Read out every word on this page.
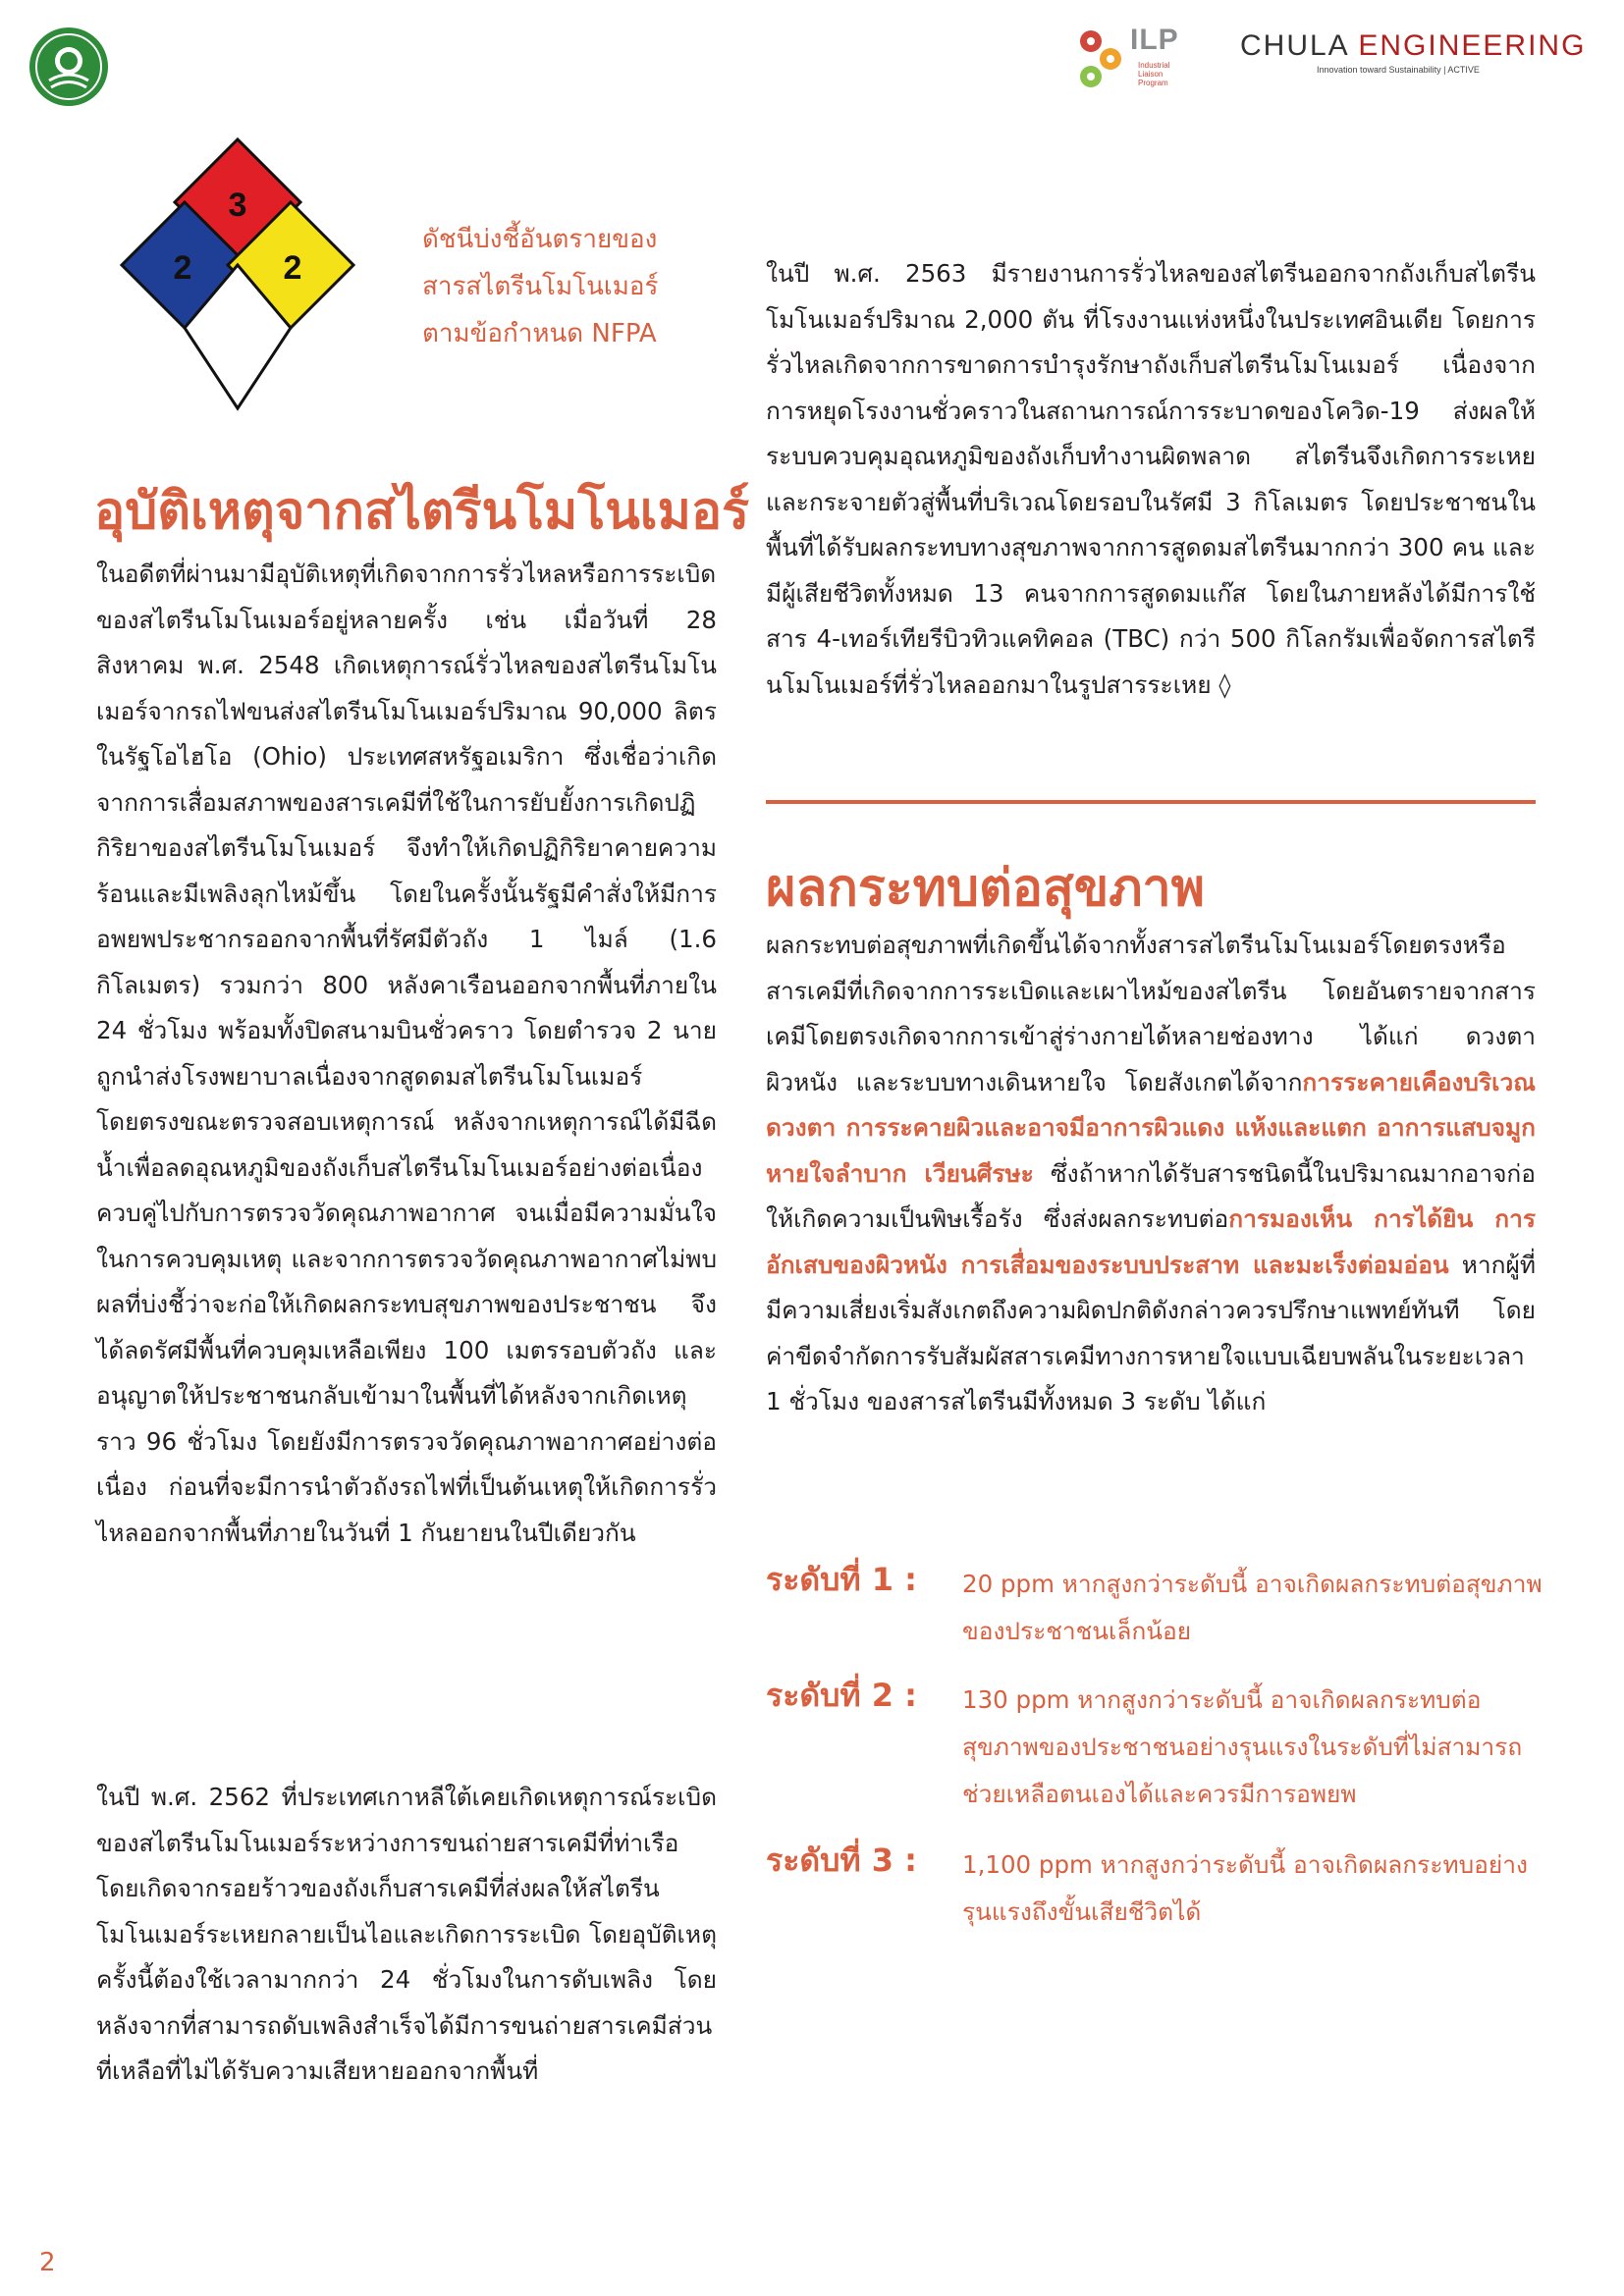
ILP
Industrial
Liaison
Program
CHULA ENGINEERING
Innovation toward Sustainability | ACTIVE
3
2	2
ดัชนีบ่งชี้อันตรายของ
สารสไตรีนโมโนเมอร์
ตามข้อกำหนด NFPA
อุบัติเหตุจากสไตรีนโมโนเมอร์
ในอดีตที่ผ่านมามีอุบัติเหตุที่เกิดจากการรั่วไหลหรือการระเบิดของสไตรีนโมโนเมอร์อยู่หลายครั้ง เช่น เมื่อวันที่ 28 สิงหาคม พ.ศ. 2548 เกิดเหตุการณ์รั่วไหลของสไตรีนโมโนเมอร์จากรถไฟขนส่งสไตรีนโมโนเมอร์ปริมาณ 90,000 ลิตร ในรัฐโอไฮโอ (Ohio) ประเทศสหรัฐอเมริกา ซึ่งเชื่อว่าเกิดจากการเสื่อมสภาพของสารเคมีที่ใช้ในการยับยั้งการเกิดปฏิกิริยาของสไตรีนโมโนเมอร์ จึงทำให้เกิดปฏิกิริยาคายความร้อนและมีเพลิงลุกไหม้ขึ้น โดยในครั้งนั้นรัฐมีคำสั่งให้มีการอพยพประชากรออกจากพื้นที่รัศมีตัวถัง 1 ไมล์ (1.6 กิโลเมตร) รวมกว่า 800 หลังคาเรือนออกจากพื้นที่ภายใน 24 ชั่วโมง พร้อมทั้งปิดสนามบินชั่วคราว โดยตำรวจ 2 นายถูกนำส่งโรงพยาบาลเนื่องจากสูดดมสไตรีนโมโนเมอร์โดยตรงขณะตรวจสอบเหตุการณ์ หลังจากเหตุการณ์ได้มีฉีดน้ำเพื่อลดอุณหภูมิของถังเก็บสไตรีนโมโนเมอร์อย่างต่อเนื่องควบคู่ไปกับการตรวจวัดคุณภาพอากาศ จนเมื่อมีความมั่นใจในการควบคุมเหตุ และจากการตรวจวัดคุณภาพอากาศไม่พบผลที่บ่งชี้ว่าจะก่อให้เกิดผลกระทบสุขภาพของประชาชน จึงได้ลดรัศมีพื้นที่ควบคุมเหลือเพียง 100 เมตรรอบตัวถัง และอนุญาตให้ประชาชนกลับเข้ามาในพื้นที่ได้หลังจากเกิดเหตุราว 96 ชั่วโมง โดยยังมีการตรวจวัดคุณภาพอากาศอย่างต่อเนื่อง ก่อนที่จะมีการนำตัวถังรถไฟที่เป็นต้นเหตุให้เกิดการรั่วไหลออกจากพื้นที่ภายในวันที่ 1 กันยายนในปีเดียวกัน
ในปี พ.ศ. 2562 ที่ประเทศเกาหลีใต้เคยเกิดเหตุการณ์ระเบิดของสไตรีนโมโนเมอร์ระหว่างการขนถ่ายสารเคมีที่ท่าเรือโดยเกิดจากรอยร้าวของถังเก็บสารเคมีที่ส่งผลให้สไตรีนโมโนเมอร์ระเหยกลายเป็นไอและเกิดการระเบิด โดยอุบัติเหตุครั้งนี้ต้องใช้เวลามากกว่า 24 ชั่วโมงในการดับเพลิง โดยหลังจากที่สามารถดับเพลิงสำเร็จได้มีการขนถ่ายสารเคมีส่วนที่เหลือที่ไม่ได้รับความเสียหายออกจากพื้นที่
ในปี พ.ศ. 2563 มีรายงานการรั่วไหลของสไตรีนออกจากถังเก็บสไตรีนโมโนเมอร์ปริมาณ 2,000 ตัน ที่โรงงานแห่งหนึ่งในประเทศอินเดีย โดยการรั่วไหลเกิดจากการขาดการบำรุงรักษาถังเก็บสไตรีนโมโนเมอร์ เนื่องจากการหยุดโรงงานชั่วคราวในสถานการณ์การระบาดของโควิด-19 ส่งผลให้ระบบควบคุมอุณหภูมิของถังเก็บทำงานผิดพลาด สไตรีนจึงเกิดการระเหยและกระจายตัวสู่พื้นที่บริเวณโดยรอบในรัศมี 3 กิโลเมตร โดยประชาชนในพื้นที่ได้รับผลกระทบทางสุขภาพจากการสูดดมสไตรีนมากกว่า 300 คน และมีผู้เสียชีวิตทั้งหมด 13 คนจากการสูดดมแก๊ส โดยในภายหลังได้มีการใช้สาร 4-เทอร์เทียรีบิวทิวแคทิคอล (TBC) กว่า 500 กิโลกรัมเพื่อจัดการสไตรีนโมโนเมอร์ที่รั่วไหลออกมาในรูปสารระเหย ◊
ผลกระทบต่อสุขภาพ
ผลกระทบต่อสุขภาพที่เกิดขึ้นได้จากทั้งสารสไตรีนโมโนเมอร์โดยตรงหรือสารเคมีที่เกิดจากการระเบิดและเผาไหม้ของสไตรีน โดยอันตรายจากสารเคมีโดยตรงเกิดจากการเข้าสู่ร่างกายได้หลายช่องทาง ได้แก่ ดวงตา ผิวหนัง และระบบทางเดินหายใจ โดยสังเกตได้จากการระคายเคืองบริเวณดวงตา การระคายผิวและอาจมีอาการผิวแดง แห้งและแตก อาการแสบจมูก หายใจลำบาก เวียนศีรษะ ซึ่งถ้าหากได้รับสารชนิดนี้ในปริมาณมากอาจก่อให้เกิดความเป็นพิษเรื้อรัง ซึ่งส่งผลกระทบต่อการมองเห็น การได้ยิน การอักเสบของผิวหนัง การเสื่อมของระบบประสาท และมะเร็งต่อมอ่อน หากผู้ที่มีความเสี่ยงเริ่มสังเกตถึงความผิดปกติดังกล่าวควรปรึกษาแพทย์ทันที โดยค่าขีดจำกัดการรับสัมผัสสารเคมีทางการหายใจแบบเฉียบพลันในระยะเวลา 1 ชั่วโมง ของสารสไตรีนมีทั้งหมด 3 ระดับ ได้แก่
ระดับที่ 1 : 20 ppm หากสูงกว่าระดับนี้ อาจเกิดผลกระทบต่อสุขภาพของประชาชนเล็กน้อย
ระดับที่ 2 : 130 ppm หากสูงกว่าระดับนี้ อาจเกิดผลกระทบต่อสุขภาพของประชาชนอย่างรุนแรงในระดับที่ไม่สามารถช่วยเหลือตนเองได้และควรมีการอพยพ
ระดับที่ 3 : 1,100 ppm หากสูงกว่าระดับนี้ อาจเกิดผลกระทบอย่างรุนแรงถึงขั้นเสียชีวิตได้
2
